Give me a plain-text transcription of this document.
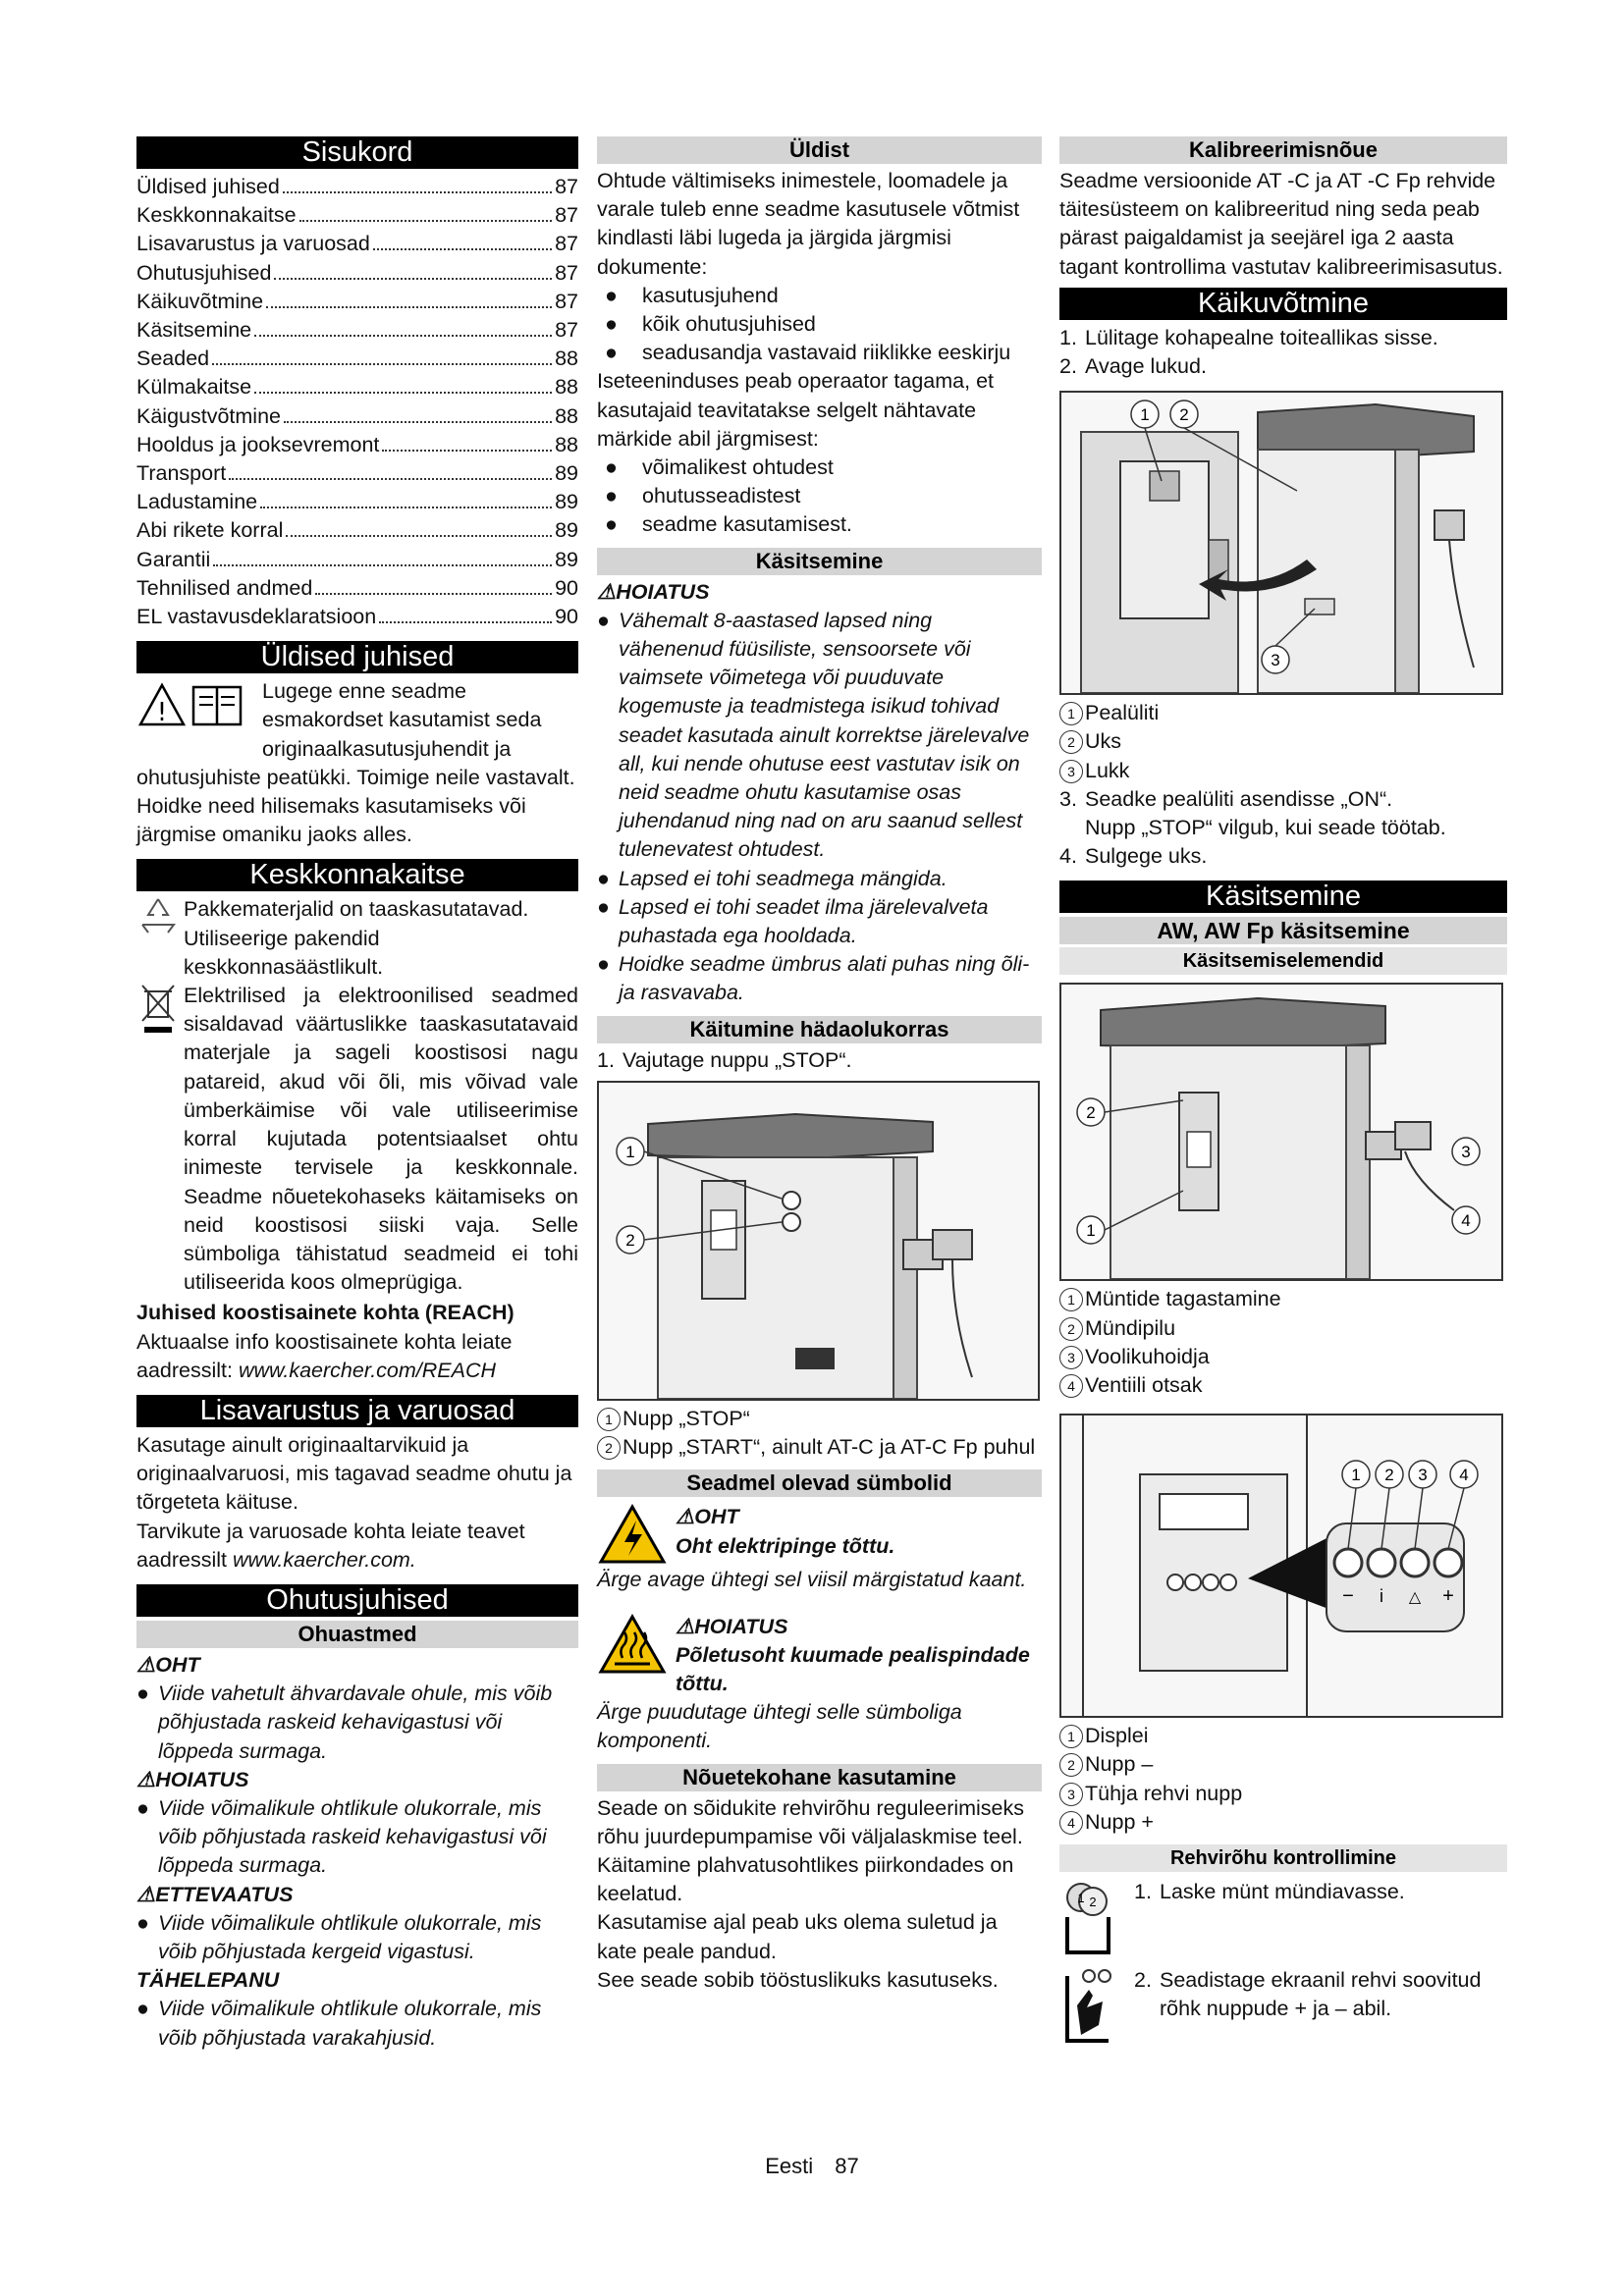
Sisukord
Üldised juhised	87
Keskkonnakaitse	87
Lisavarustus ja varuosad	87
Ohutusjuhised	87
Käikuvõtmine	87
Käsitsemine	87
Seaded	88
Külmakaitse	88
Käigustvõtmine	88
Hooldus ja jooksevremont	88
Transport	89
Ladustamine	89
Abi rikete korral	89
Garantii	89
Tehnilised andmed	90
EL vastavusdeklaratsioon	90
Üldised juhised
!

Lugege enne seadme esmakordset kasutamist seda originaalkasutusjuhendit ja

ohutusjuhiste peatükki. Toimige neile vastavalt.

Hoidke need hilisemaks kasutamiseks või järgmise omaniku jaoks alles.

Keskkonnakaitse

Pakkematerjalid on taaskasutatavad. Utiliseerige pakendid keskkonnasäästlikult.

Elektrilised ja elektroonilised seadmed sisaldavad väärtuslikke taaskasutatavaid materjale ja sageli koostisosi nagu patareid, akud või õli, mis võivad vale ümberkäimise või vale utiliseerimise korral kujutada potentsiaalset ohtu inimeste tervisele ja keskkonnale. Seadme nõuetekohaseks käitamiseks on neid koostisosi siiski vaja. Selle sümboliga tähistatud seadmeid ei tohi utiliseerida koos olmeprügiga.

Juhised koostisainete kohta (REACH)

Aktuaalse info koostisainete kohta leiate aadressilt: www.kaercher.com/REACH

Lisavarustus ja varuosad

Kasutage ainult originaaltarvikuid ja originaalvaruosi, mis tagavad seadme ohutu ja tõrgeteta käituse.

Tarvikute ja varuosade kohta leiate teavet aadressilt www.kaercher.com.

Ohutusjuhised
Ohuastmed
⚠OHT
● Viide vahetult ähvardavale ohule, mis võib põhjustada raskeid kehavigastusi või lõppeda surmaga.
⚠HOIATUS
● Viide võimalikule ohtlikule olukorrale, mis võib põhjustada raskeid kehavigastusi või lõppeda surmaga.
⚠ETTEVAATUS
● Viide võimalikule ohtlikule olukorrale, mis võib põhjustada kergeid vigastusi.
TÄHELEPANU
● Viide võimalikule ohtlikule olukorrale, mis võib põhjustada varakahjusid.
Üldist

Ohtude vältimiseks inimestele, loomadele ja varale tuleb enne seadme kasutusele võtmist kindlasti läbi lugeda ja järgida järgmisi dokumente:

●	kasutusjuhend
●	kõik ohutusjuhised
●	seadusandja vastavaid riiklikke eeskirju

Iseteeninduses peab operaator tagama, et kasutajaid teavitatakse selgelt nähtavate märkide abil järgmisest:

●	võimalikest ohtudest
●	ohutusseadistest
●	seadme kasutamisest.
Käsitsemine
⚠HOIATUS
● Vähemalt 8-aastased lapsed ning vähenenud füüsiliste, sensoorsete või vaimsete võimetega või puuduvate kogemuste ja teadmistega isikud tohivad seadet kasutada ainult korrektse järelevalve all, kui nende ohutuse eest vastutav isik on neid seadme ohutu kasutamise osas juhendanud ning nad on aru saanud sellest tulenevatest ohtudest.
● Lapsed ei tohi seadmega mängida.
● Lapsed ei tohi seadet ilma järelevalveta puhastada ega hooldada.
● Hoidke seadme ümbrus alati puhas ning õli- ja rasvavaba.
Käitumine hädaolukorras
1. Vajutage nuppu „STOP“.
1
2
1 Nupp „STOP“
2 Nupp „START“, ainult AT-C ja AT-C Fp puhul
Seadmel olevad sümbolid
⚠OHT
Oht elektripinge tõttu.

Ärge avage ühtegi sel viisil märgistatud kaant.

⚠HOIATUS
Põletusoht kuumade pealispindade tõttu.

Ärge puudutage ühtegi selle sümboliga komponenti.

Nõuetekohane kasutamine

Seade on sõidukite rehvirõhu reguleerimiseks rõhu juurdepumpamise või väljalaskmise teel.

Käitamine plahvatusohtlikes piirkondades on keelatud.

Kasutamise ajal peab uks olema suletud ja kate peale pandud.

See seade sobib tööstuslikuks kasutuseks.

Kalibreerimisnõue

Seadme versioonide AT -C ja AT -C Fp rehvide täitesüsteem on kalibreeritud ning seda peab pärast paigaldamist ja seejärel iga 2 aasta tagant kontrollima vastutav kalibreerimisasutus.

Käikuvõtmine
1. Lülitage kohapealne toiteallikas sisse.
2. Avage lukud.
1 2
3
1 Pealüliti
2 Uks
3 Lukk
3. Seadke pealüliti asendisse „ON“.

Nupp „STOP“ vilgub, kui seade töötab.

4. Sulgege uks.
Käsitsemine
AW, AW Fp käsitsemine
Käsitsemiselemendid
2
1
3
4
1 Müntide tagastamine
2 Mündipilu
3 Voolikuhoidja
4 Ventiili otsak
− i △ +
1 2 3 4
1 Displei
2 Nupp –
3 Tühja rehvi nupp
4 Nupp +
Rehvirõhu kontrollimine
1 2 1. Laske münt mündiavasse.
2. Seadistage ekraanil rehvi soovitud rõhk nuppude + ja – abil.
Eesti 87
